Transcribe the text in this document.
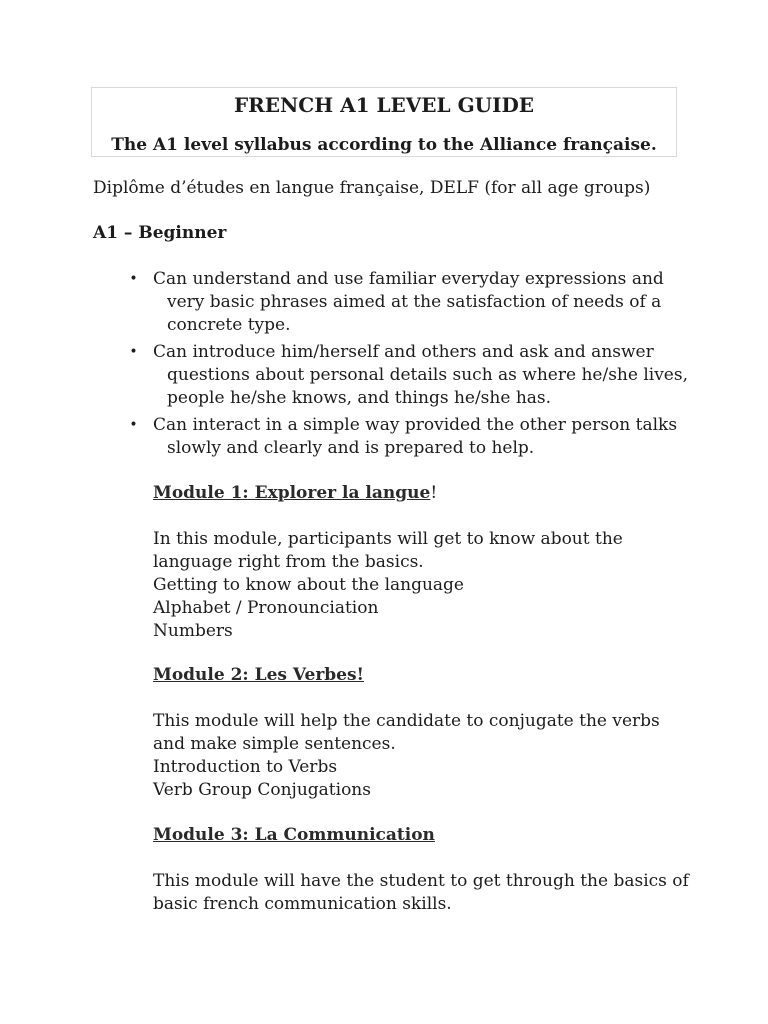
FRENCH A1 LEVEL GUIDE
The A1 level syllabus according to the Alliance française.
Diplôme d’études en langue française, DELF (for all age groups)
A1 – Beginner
• Can understand and use familiar everyday expressions and very basic phrases aimed at the satisfaction of needs of a concrete type.
• Can introduce him/herself and others and ask and answer questions about personal details such as where he/she lives, people he/she knows, and things he/she has.
• Can interact in a simple way provided the other person talks slowly and clearly and is prepared to help.
Module 1: Explorer la langue!
In this module, participants will get to know about the language right from the basics.
Getting to know about the language
Alphabet / Pronounciation
Numbers
Module 2: Les Verbes!
This module will help the candidate to conjugate the verbs and make simple sentences.
Introduction to Verbs
Verb Group Conjugations
Module 3: La Communication
This module will have the student to get through the basics of basic french communication skills.
